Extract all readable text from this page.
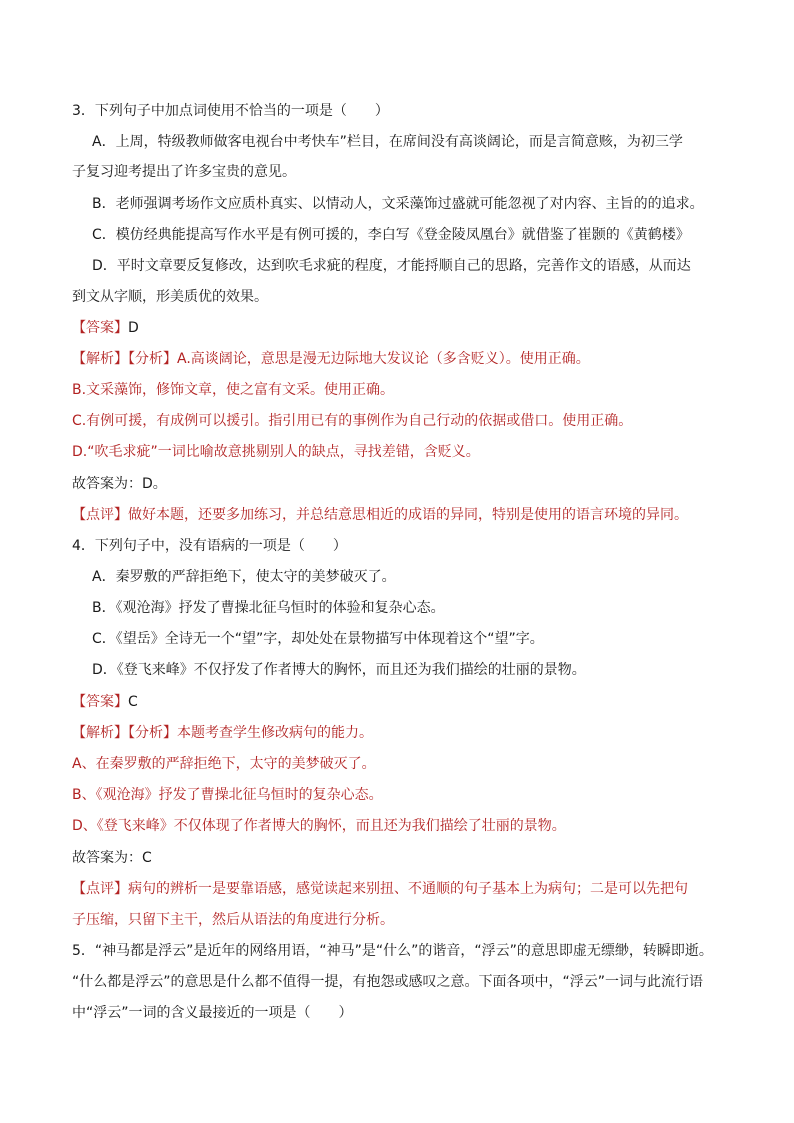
3．下列句子中加点词使用不恰当的一项是（　　）
A．上周，特级教师做客电视台中考快车”栏目，在席间没有高谈阔论，而是言简意赅，为初三学
子复习迎考提出了许多宝贵的意见。
B．老师强调考场作文应质朴真实、以情动人，文采藻饰过盛就可能忽视了对内容、主旨的的追求。
C．模仿经典能提高写作水平是有例可援的，李白写《登金陵凤凰台》就借鉴了崔颢的《黄鹤楼》
D．平时文章要反复修改，达到吹毛求疵的程度，才能捋顺自己的思路，完善作文的语感，从而达
到文从字顺，形美质优的效果。
【答案】D
【解析】【分析】A.高谈阔论，意思是漫无边际地大发议论（多含贬义）。使用正确。
B.文采藻饰，修饰文章，使之富有文采。使用正确。
C.有例可援，有成例可以援引。指引用已有的事例作为自己行动的依据或借口。使用正确。
D.“吹毛求疵”一词比喻故意挑剔别人的缺点，寻找差错，含贬义。
故答案为：D。
【点评】做好本题，还要多加练习，并总结意思相近的成语的异同，特别是使用的语言环境的异同。
4．下列句子中，没有语病的一项是（　　）
A．秦罗敷的严辞拒绝下，使太守的美梦破灭了。
B．《观沧海》抒发了曹操北征乌恒时的体验和复杂心态。
C．《望岳》全诗无一个“望”字，却处处在景物描写中体现着这个“望”字。
D．《登飞来峰》不仅抒发了作者博大的胸怀，而且还为我们描绘的壮丽的景物。
【答案】C
【解析】【分析】本题考查学生修改病句的能力。
A、在秦罗敷的严辞拒绝下，太守的美梦破灭了。
B、《观沧海》抒发了曹操北征乌恒时的复杂心态。
D、《登飞来峰》不仅体现了作者博大的胸怀，而且还为我们描绘了壮丽的景物。
故答案为：C
【点评】病句的辨析一是要靠语感，感觉读起来别扭、不通顺的句子基本上为病句；二是可以先把句
子压缩，只留下主干，然后从语法的角度进行分析。
5．“神马都是浮云”是近年的网络用语，“神马”是“什么”的谐音，“浮云”的意思即虚无缥缈，转瞬即逝。
“什么都是浮云”的意思是什么都不值得一提，有抱怨或感叹之意。下面各项中，“浮云”一词与此流行语
中“浮云”一词的含义最接近的一项是（　　）
